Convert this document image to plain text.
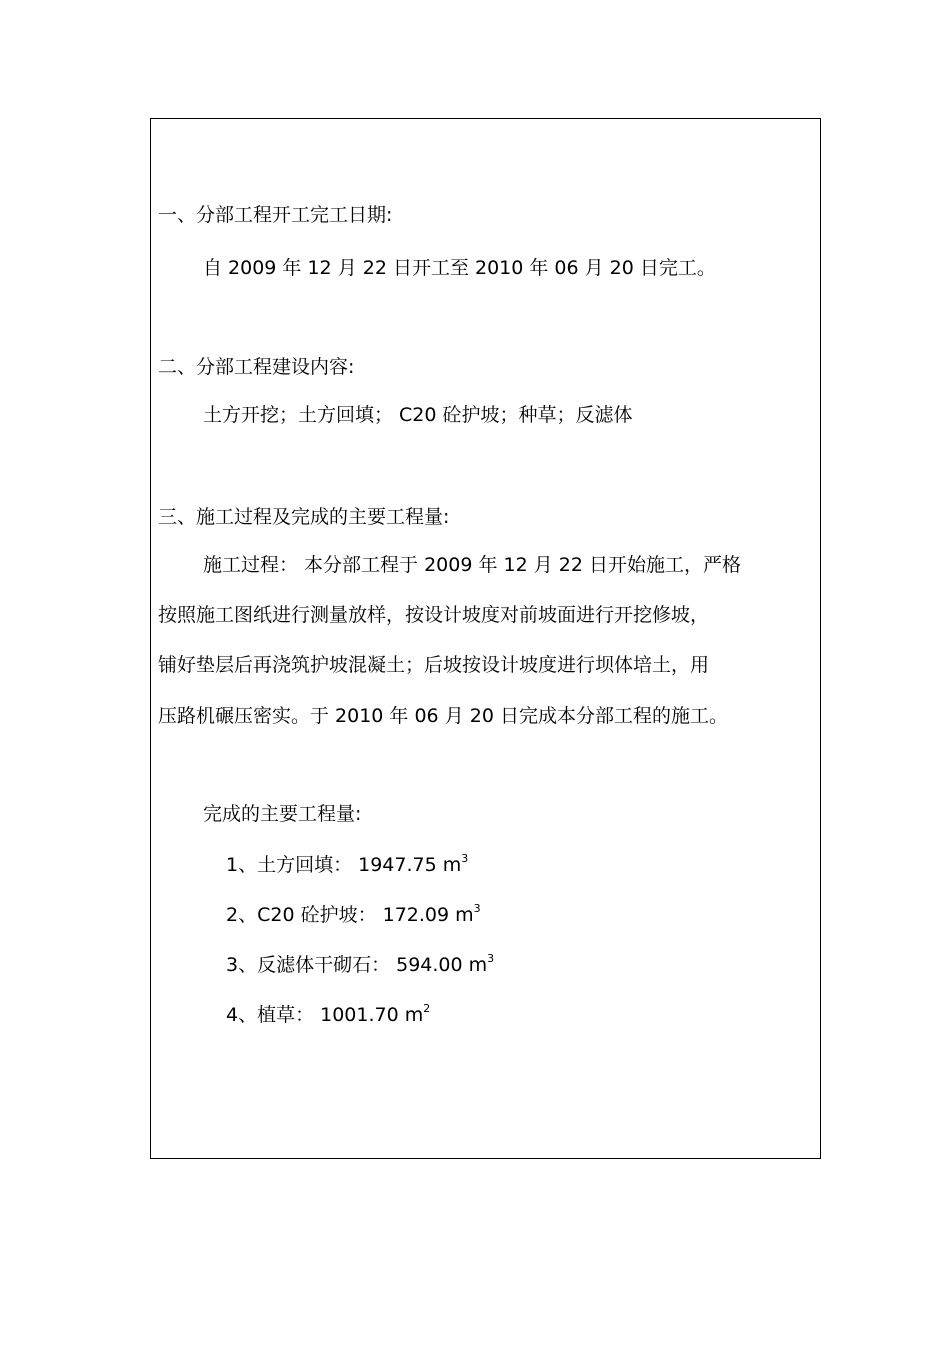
一、分部工程开工完工日期:
自 2009 年 12 月 22 日开工至 2010 年 06 月 20 日完工。
二、分部工程建设内容:
土方开挖；土方回填； C20 砼护坡；种草；反滤体
三、施工过程及完成的主要工程量:
施工过程： 本分部工程于 2009 年 12 月 22 日开始施工，严格
按照施工图纸进行测量放样，按设计坡度对前坡面进行开挖修坡，
铺好垫层后再浇筑护坡混凝土；后坡按设计坡度进行坝体培土，用
压路机碾压密实。于 2010 年 06 月 20 日完成本分部工程的施工。
完成的主要工程量:
1、土方回填： 1947.75 $m^3$
2、C20 砼护坡： 172.09 $m^3$
3、反滤体干砌石： 594.00 $m^3$
4、植草： 1001.70 $m^2$
